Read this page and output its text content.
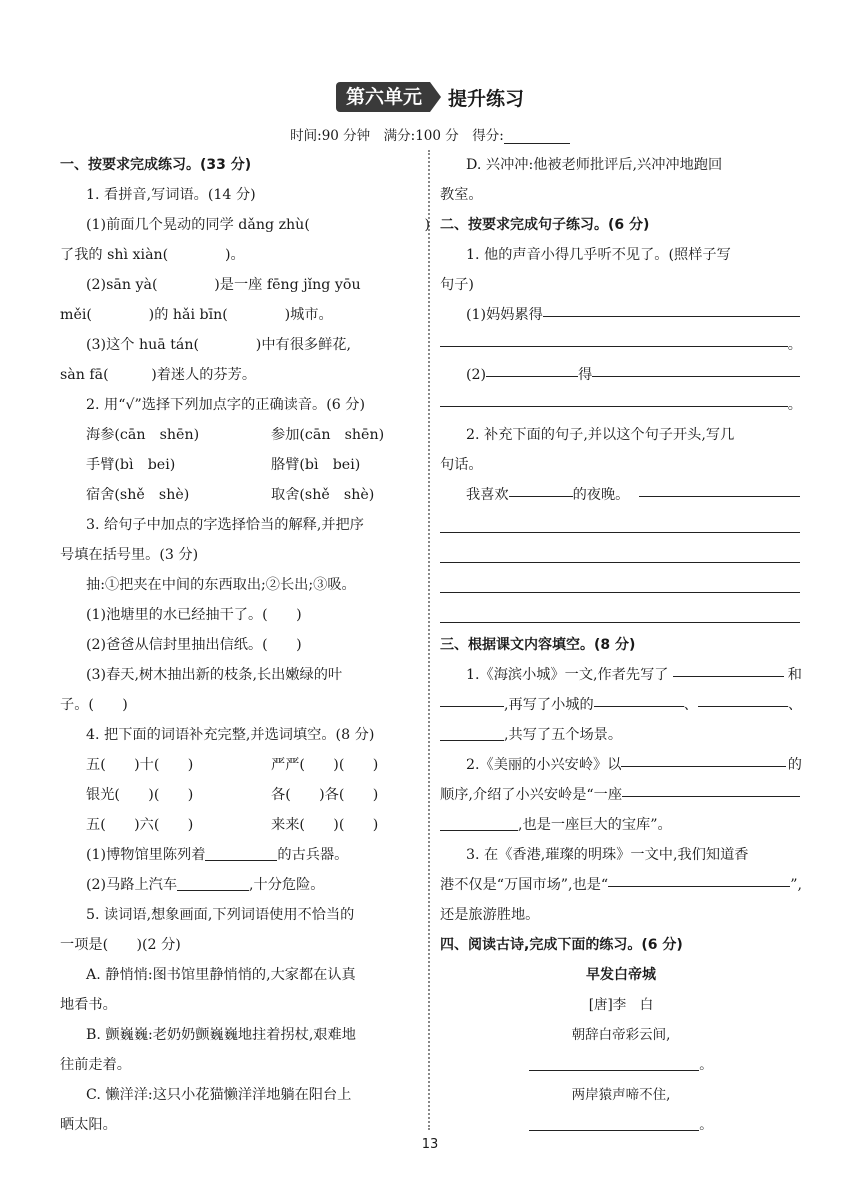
第六单元 提升练习
时间:90 分钟　满分:100 分　得分:
一、按要求完成练习。(33 分)
1. 看拼音,写词语。(14 分)
(1)前面几个晃动的同学 dǎng zhù(	)
了我的 shì xiàn(　　　　)。
(2)sān yà(　　　　)是一座 fēng jǐng yōu
měi(　　　　)的 hǎi bīn(　　　　)城市。
(3)这个 huā tán(　　　　)中有很多鲜花,
sàn fā(　　　)着迷人的芬芳。
2. 用“√”选择下列加点字的正确读音。(6 分)
海参(cān　shēn)	参加(cān　shēn)
手臂(bì　bei)	胳臂(bì　bei)
宿舍(shě　shè)	取舍(shě　shè)
3. 给句子中加点的字选择恰当的解释,并把序
号填在括号里。(3 分)
抽:①把夹在中间的东西取出;②长出;③吸。
(1)池塘里的水已经抽干了。(　　)
(2)爸爸从信封里抽出信纸。(　　)
(3)春天,树木抽出新的枝条,长出嫩绿的叶
子。(　　)
4. 把下面的词语补充完整,并选词填空。(8 分)
五(　　)十(　　)	严严(　　)(　　)
银光(　　)(　　)	各(　　)各(　　)
五(　　)六(　　)	来来(　　)(　　)
(1)博物馆里陈列着	的古兵器。
(2)马路上汽车	,十分危险。
5. 读词语,想象画面,下列词语使用不恰当的
一项是(　　)(2 分)
A. 静悄悄:图书馆里静悄悄的,大家都在认真
地看书。
B. 颤巍巍:老奶奶颤巍巍地拄着拐杖,艰难地
往前走着。
C. 懒洋洋:这只小花猫懒洋洋地躺在阳台上
晒太阳。
D. 兴冲冲:他被老师批评后,兴冲冲地跑回
教室。
二、按要求完成句子练习。(6 分)
1. 他的声音小得几乎听不见了。(照样子写
句子)
(1)妈妈累得
。
(2)	得
。
2. 补充下面的句子,并以这个句子开头,写几
句话。
我喜欢	的夜晚。
三、根据课文内容填空。(8 分)
1.《海滨小城》一文,作者先写了	和
,再写了小城的	、	、
,共写了五个场景。
2.《美丽的小兴安岭》以	的
顺序,介绍了小兴安岭是“一座
,也是一座巨大的宝库”。
3. 在《香港,璀璨的明珠》一文中,我们知道香
港不仅是“万国市场”,也是“	”,
还是旅游胜地。
四、阅读古诗,完成下面的练习。(6 分)
早发白帝城
[唐]李　白
朝辞白帝彩云间,
。
两岸猿声啼不住,
。
13
